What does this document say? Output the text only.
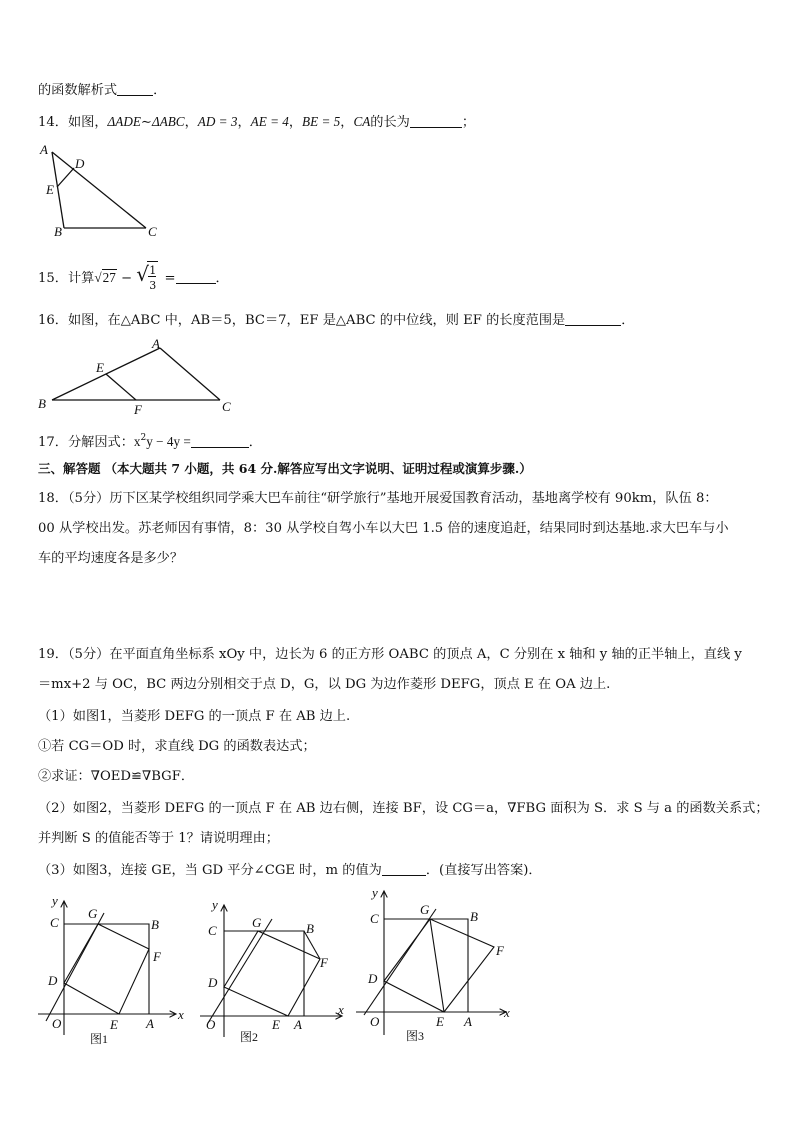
的函数解析式	．
14．如图，ΔADE∼ΔABC，AD = 3，AE = 4，BE = 5，CA的长为	；
A
D
E
B	C
15．计算√27 − √ 1
3 =	．
16．如图，在△ABC 中，AB＝5，BC＝7，EF 是△ABC 的中位线，则 EF 的长度范围是	．
A
E
B	F	C
17．分解因式：$x^2y - 4y$ =	．
三、解答题 （本大题共 7 小题，共 64 分.解答应写出文字说明、证明过程或演算步骤.）
18．（5分）历下区某学校组织同学乘大巴车前往“研学旅行”基地开展爱国教育活动，基地离学校有 90km，队伍 8：
00 从学校出发。苏老师因有事情，8：30 从学校自驾小车以大巴 1.5 倍的速度追赶，结果同时到达基地.求大巴车与小
车的平均速度各是多少？
19．（5分）在平面直角坐标系 xOy 中，边长为 6 的正方形 OABC 的顶点 A，C 分别在 x 轴和 y 轴的正半轴上，直线 y
＝mx+2 与 OC，BC 两边分别相交于点 D，G，以 DG 为边作菱形 DEFG，顶点 E 在 OA 边上.
（1）如图1，当菱形 DEFG 的一顶点 F 在 AB 边上.
①若 CG＝OD 时，求直线 DG 的函数表达式；
②求证：∇OED≌∇BGF．
（2）如图2，当菱形 DEFG 的一顶点 F 在 AB 边右侧，连接 BF，设 CG＝a，∇FBG 面积为 S．求 S 与 a 的函数关系式；
并判断 S 的值能否等于 1？请说明理由；
（3）如图3，连接 GE，当 GD 平分∠CGE 时，m 的值为	．(直接写出答案)．
y
x
C
G
B
F
D
O	E A
图1
y
x
C
G	B
F
D
O	E A
图2
y
x
C
G	B
F
D
O	E A
图3
